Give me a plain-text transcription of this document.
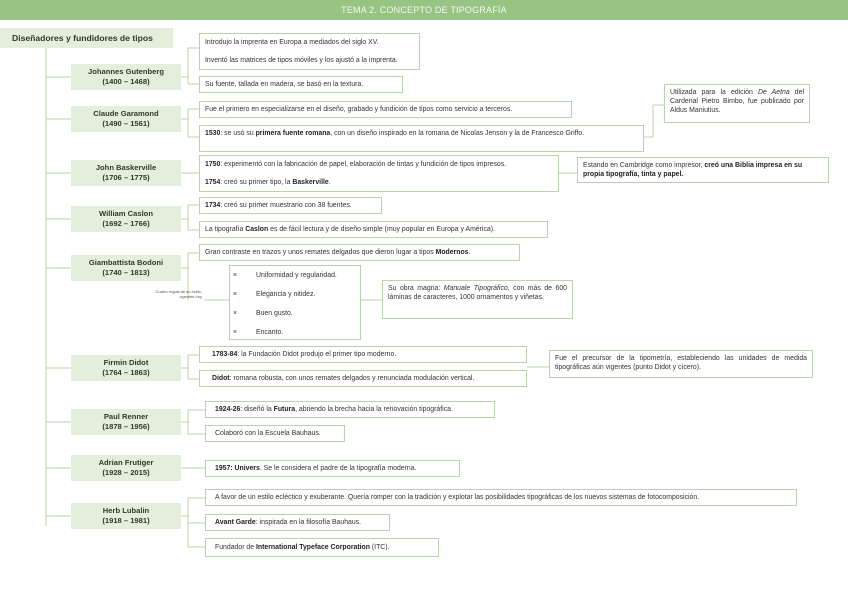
TEMA 2. CONCEPTO DE TIPOGRAFÍA
Diseñadores y fundidores de tipos
Johannes Gutenberg
(1400 – 1468)
Claude Garamond
(1490 – 1561)
John Baskerville
(1706 – 1775)
William Caslon
(1692 – 1766)
Giambattista Bodoni
(1740 – 1813)
Firmin Didot
(1764 – 1863)
Paul Renner
(1878 – 1956)
Adrian Frutiger
(1928 – 2015)
Herb Lubalin
(1918 – 1981)
Introdujo la imprenta en Europa a mediados del siglo XV.
Inventó las matrices de tipos móviles y los ajustó a la imprenta.
Su fuente, tallada en madera, se basó en la textura.
Fue el primero en especializarse en el diseño, grabado y fundición de tipos como servicio a terceros.
1530: se usó su primera fuente romana, con un diseño inspirado en la romana de Nicolas Jenson y la de Francesco Griffo.
Utilizada para la edición De Aetna del Cardenal Pietro Bimbo, fue publicado por Aldus Maniutius.
1750: experimentó con la fabricación de papel, elaboración de tintas y fundición de tipos impresos.
1754: creó su primer tipo, la Baskerville.
Estando en Cambridge como impresor, creó una Biblia impresa en su propia tipografía, tinta y papel.
1734: creó su primer muestrario con 38 fuentes.
La tipografía Caslon es de fácil lectura y de diseño simple (muy popular en Europa y América).
Gran contraste en trazos y unos remates delgados que dieron lugar a tipos Modernos.
Cuatro reglas de su estilo, vigentes hoy
×	Uniformidad y regularidad.
×	Elegancia y nitidez.
×	Buen gusto.
×	Encanto.
Su obra magna: Manuale Tipográfico, con más de 600 láminas de caracteres, 1000 ornamentos y viñetas.
1783-84: la Fundación Didot produjo el primer tipo moderno.
Didot: romana robusta, con unos remates delgados y renunciada modulación vertical.
Fue el precursor de la tipometría, estableciendo las unidades de medida tipográficas aún vigentes (punto Didot y cícero).
1924-26: diseñó la Futura, abriendo la brecha hacia la renovación tipográfica.
Colaboró con la Escuela Bauhaus.
1957: Univers. Se le considera el padre de la tipografía moderna.
A favor de un estilo ecléctico y exuberante. Quería romper con la tradición y explotar las posibilidades tipográficas de los nuevos sistemas de fotocomposición.
Avant Garde: inspirada en la filosofía Bauhaus.
Fundador de International Typeface Corporation (ITC).
